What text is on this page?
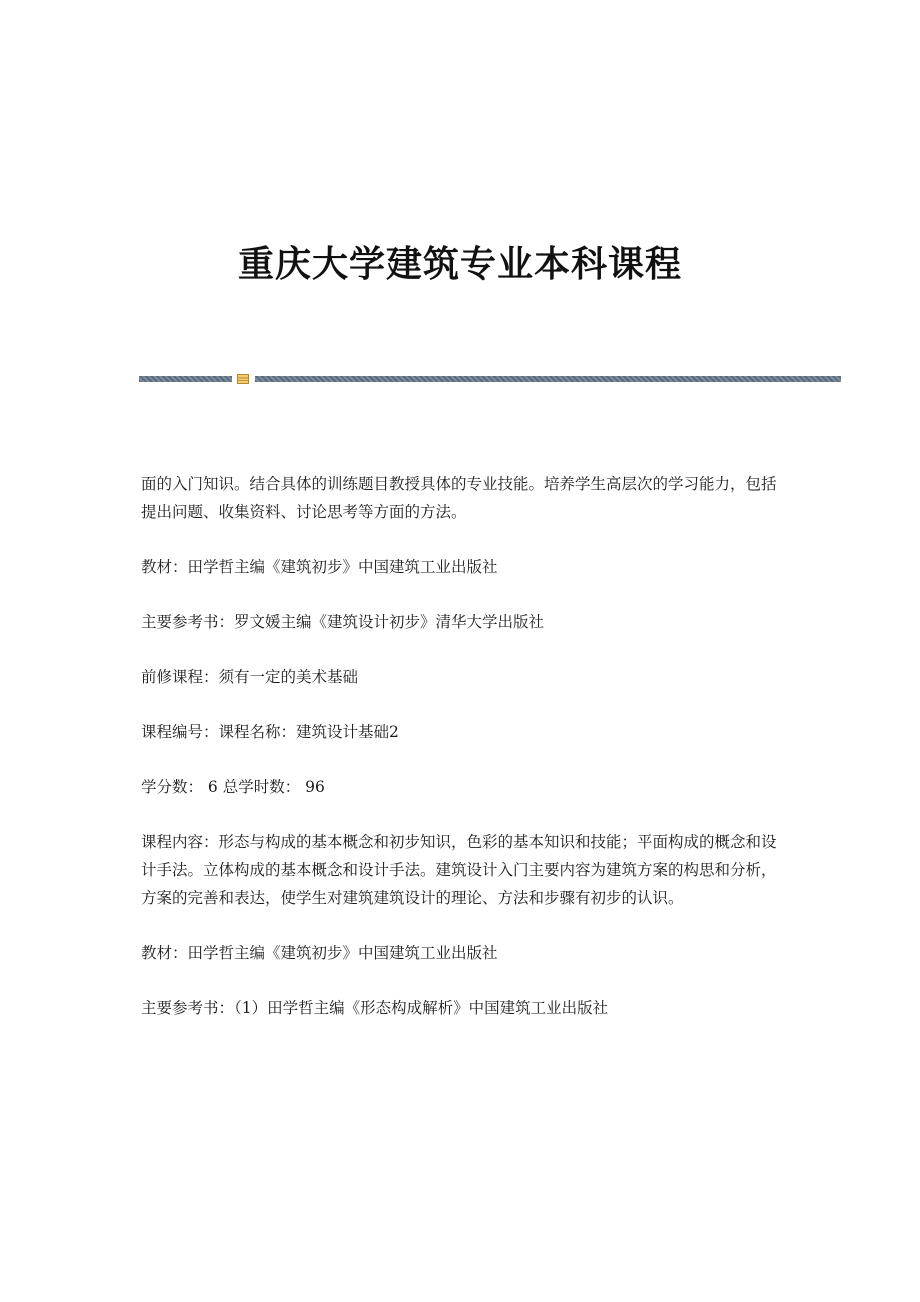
重庆大学建筑专业本科课程

面的入门知识。结合具体的训练题目教授具体的专业技能。培养学生高层次的学习能力，包括提出问题、收集资料、讨论思考等方面的方法。

教材：田学哲主编《建筑初步》中国建筑工业出版社

主要参考书：罗文媛主编《建筑设计初步》清华大学出版社

前修课程：须有一定的美术基础

课程编号：课程名称：建筑设计基础2

学分数： 6 总学时数： 96

课程内容：形态与构成的基本概念和初步知识，色彩的基本知识和技能；平面构成的概念和设计手法。立体构成的基本概念和设计手法。建筑设计入门主要内容为建筑方案的构思和分析，方案的完善和表达，使学生对建筑建筑设计的理论、方法和步骤有初步的认识。

教材：田学哲主编《建筑初步》中国建筑工业出版社

主要参考书：（1）田学哲主编《形态构成解析》中国建筑工业出版社
